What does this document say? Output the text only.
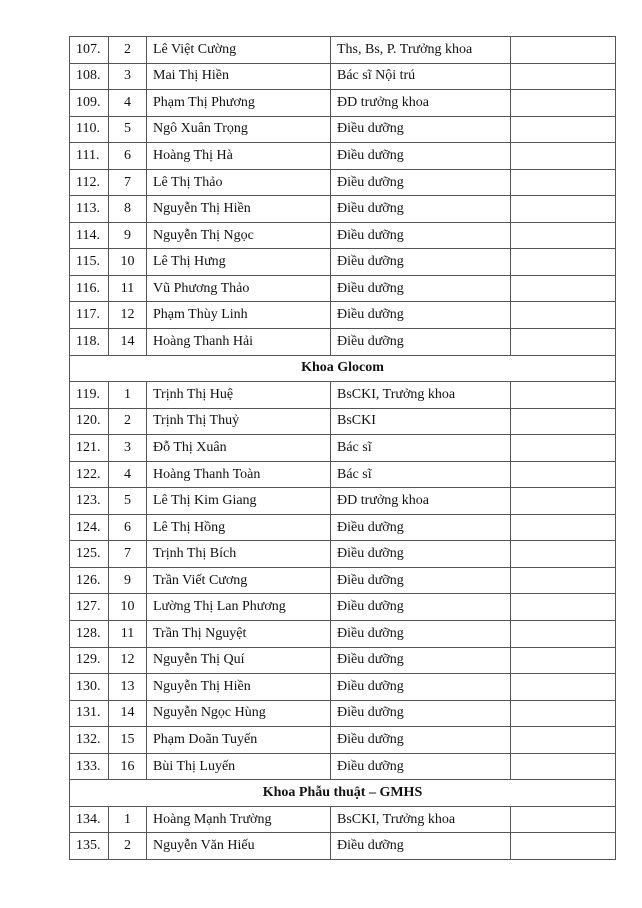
107.	2	Lê Việt Cường	Ths, Bs, P. Trưởng khoa	
108.	3	Mai Thị Hiền	Bác sĩ Nội trú	
109.	4	Phạm Thị Phương	ĐD trưởng khoa	
110.	5	Ngô Xuân Trọng	Điều dưỡng	
111.	6	Hoàng Thị Hà	Điều dưỡng	
112.	7	Lê Thị Thảo	Điều dưỡng	
113.	8	Nguyễn Thị Hiền	Điều dưỡng	
114.	9	Nguyễn Thị Ngọc	Điều dưỡng	
115.	10	Lê Thị Hưng	Điều dưỡng	
116.	11	Vũ Phương Thảo	Điều dưỡng	
117.	12	Phạm Thùy Linh	Điều dưỡng	
118.	14	Hoàng Thanh Hải	Điều dưỡng	
Khoa Glocom				
119.	1	Trịnh Thị Huệ	BsCKI, Trưởng khoa	
120.	2	Trịnh Thị Thuỷ	BsCKI	
121.	3	Đỗ Thị Xuân	Bác sĩ	
122.	4	Hoàng Thanh Toàn	Bác sĩ	
123.	5	Lê Thị Kim Giang	ĐD trưởng khoa	
124.	6	Lê Thị Hồng	Điều dưỡng	
125.	7	Trịnh Thị Bích	Điều dưỡng	
126.	9	Trần Viết Cương	Điều dưỡng	
127.	10	Lường Thị Lan Phương	Điều dưỡng	
128.	11	Trần Thị Nguyệt	Điều dưỡng	
129.	12	Nguyễn Thị Quí	Điều dưỡng	
130.	13	Nguyễn Thị Hiền	Điều dưỡng	
131.	14	Nguyễn Ngọc Hùng	Điều dưỡng	
132.	15	Phạm Doãn Tuyến	Điều dưỡng	
133.	16	Bùi Thị Luyến	Điều dưỡng	
Khoa Phẫu thuật – GMHS				
134.	1	Hoàng Mạnh Trường	BsCKI, Trưởng khoa	
135.	2	Nguyễn Văn Hiếu	Điều dưỡng	
